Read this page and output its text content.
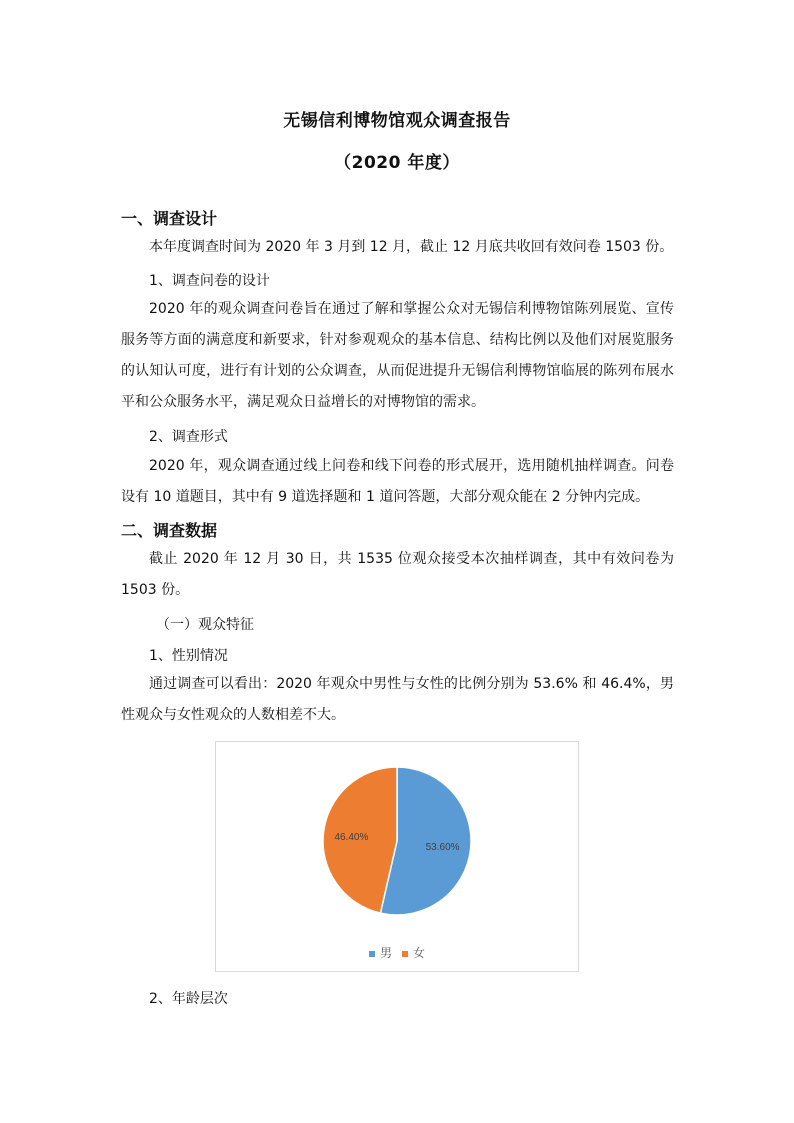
无锡信利博物馆观众调查报告
（2020 年度）
一、调查设计
本年度调查时间为 2020 年 3 月到 12 月，截止 12 月底共收回有效问卷 1503 份。
1、调查问卷的设计
2020 年的观众调查问卷旨在通过了解和掌握公众对无锡信利博物馆陈列展览、宣传服务等方面的满意度和新要求，针对参观观众的基本信息、结构比例以及他们对展览服务的认知认可度，进行有计划的公众调查，从而促进提升无锡信利博物馆临展的陈列布展水平和公众服务水平，满足观众日益增长的对博物馆的需求。
2、调查形式
2020 年，观众调查通过线上问卷和线下问卷的形式展开，选用随机抽样调查。问卷设有 10 道题目，其中有 9 道选择题和 1 道问答题，大部分观众能在 2 分钟内完成。
二、调查数据
截止 2020 年 12 月 30 日，共 1535 位观众接受本次抽样调查，其中有效问卷为 1503 份。
（一）观众特征
1、性别情况
通过调查可以看出：2020 年观众中男性与女性的比例分别为 53.6% 和 46.4%，男性观众与女性观众的人数相差不大。
53.60%
46.40%
男 女
2、年龄层次
